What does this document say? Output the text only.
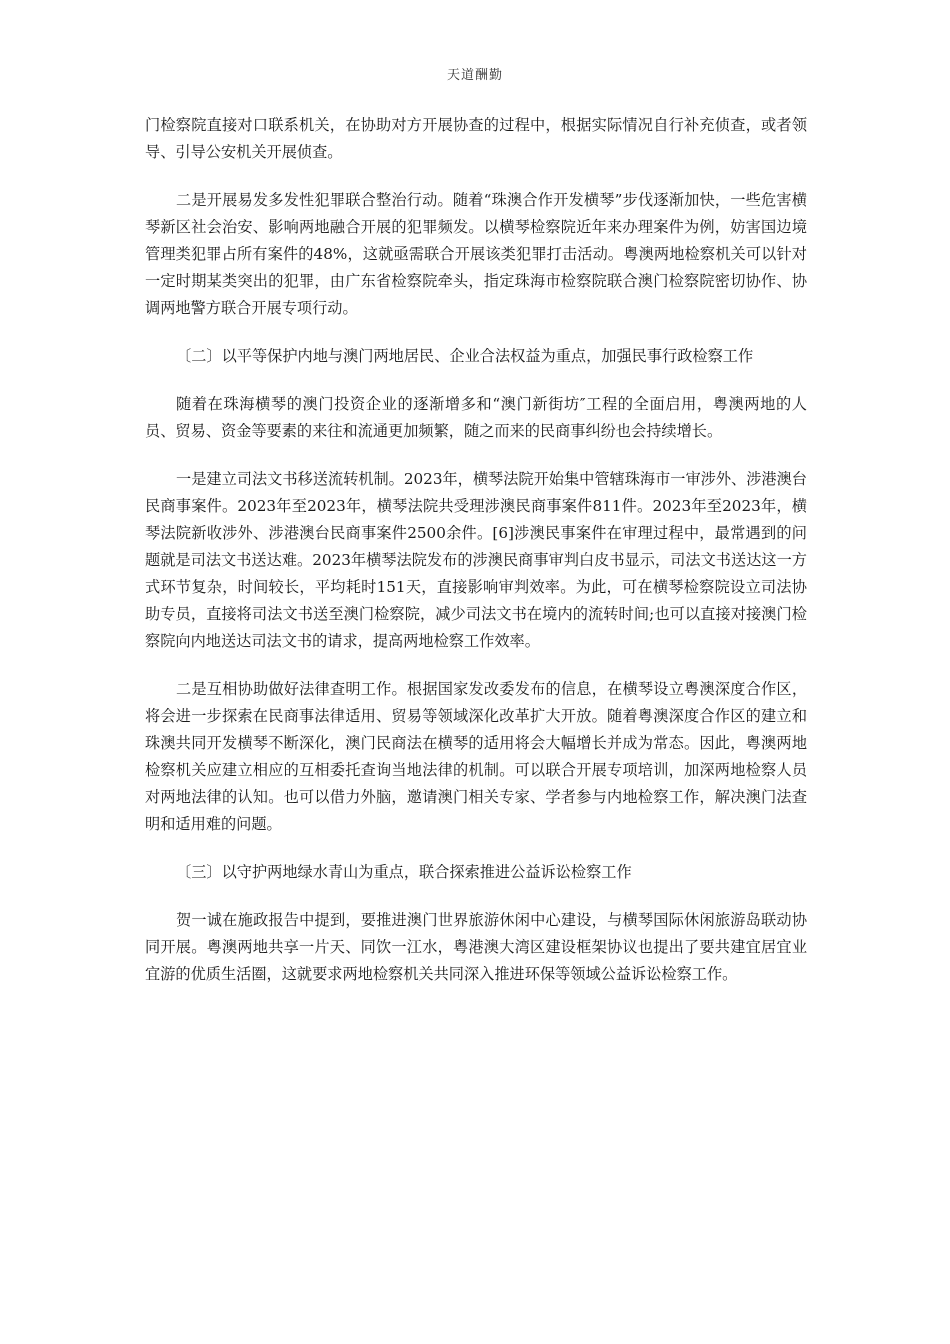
天道酬勤

门检察院直接对口联系机关，在协助对方开展协查的过程中，根据实际情况自行补充侦查，或者领导、引导公安机关开展侦查。

二是开展易发多发性犯罪联合整治行动。随着“珠澳合作开发横琴”步伐逐渐加快，一些危害横琴新区社会治安、影响两地融合开展的犯罪频发。以横琴检察院近年来办理案件为例，妨害国边境管理类犯罪占所有案件的48%，这就亟需联合开展该类犯罪打击活动。粤澳两地检察机关可以针对一定时期某类突出的犯罪，由广东省检察院牵头，指定珠海市检察院联合澳门检察院密切协作、协调两地警方联合开展专项行动。

〔二〕以平等保护内地与澳门两地居民、企业合法权益为重点，加强民事行政检察工作

随着在珠海横琴的澳门投资企业的逐渐增多和“澳门新街坊″工程的全面启用，粤澳两地的人员、贸易、资金等要素的来往和流通更加频繁，随之而来的民商事纠纷也会持续增长。

一是建立司法文书移送流转机制。2023年，横琴法院开始集中管辖珠海市一审涉外、涉港澳台民商事案件。2023年至2023年，横琴法院共受理涉澳民商事案件811件。2023年至2023年，横琴法院新收涉外、涉港澳台民商事案件2500余件。[6]涉澳民事案件在审理过程中，最常遇到的问题就是司法文书送达难。2023年横琴法院发布的涉澳民商事审判白皮书显示，司法文书送达这一方式环节复杂，时间较长，平均耗时151天，直接影响审判效率。为此，可在横琴检察院设立司法协助专员，直接将司法文书送至澳门检察院，减少司法文书在境内的流转时间;也可以直接对接澳门检察院向内地送达司法文书的请求，提高两地检察工作效率。

二是互相协助做好法律查明工作。根据国家发改委发布的信息，在横琴设立粤澳深度合作区，将会进一步探索在民商事法律适用、贸易等领域深化改革扩大开放。随着粤澳深度合作区的建立和珠澳共同开发横琴不断深化，澳门民商法在横琴的适用将会大幅增长并成为常态。因此，粤澳两地检察机关应建立相应的互相委托查询当地法律的机制。可以联合开展专项培训，加深两地检察人员对两地法律的认知。也可以借力外脑，邀请澳门相关专家、学者参与内地检察工作，解决澳门法查明和适用难的问题。

〔三〕以守护两地绿水青山为重点，联合探索推进公益诉讼检察工作

贺一诚在施政报告中提到，要推进澳门世界旅游休闲中心建设，与横琴国际休闲旅游岛联动协同开展。粤澳两地共享一片天、同饮一江水，粤港澳大湾区建设框架协议也提出了要共建宜居宜业宜游的优质生活圈，这就要求两地检察机关共同深入推进环保等领域公益诉讼检察工作。
